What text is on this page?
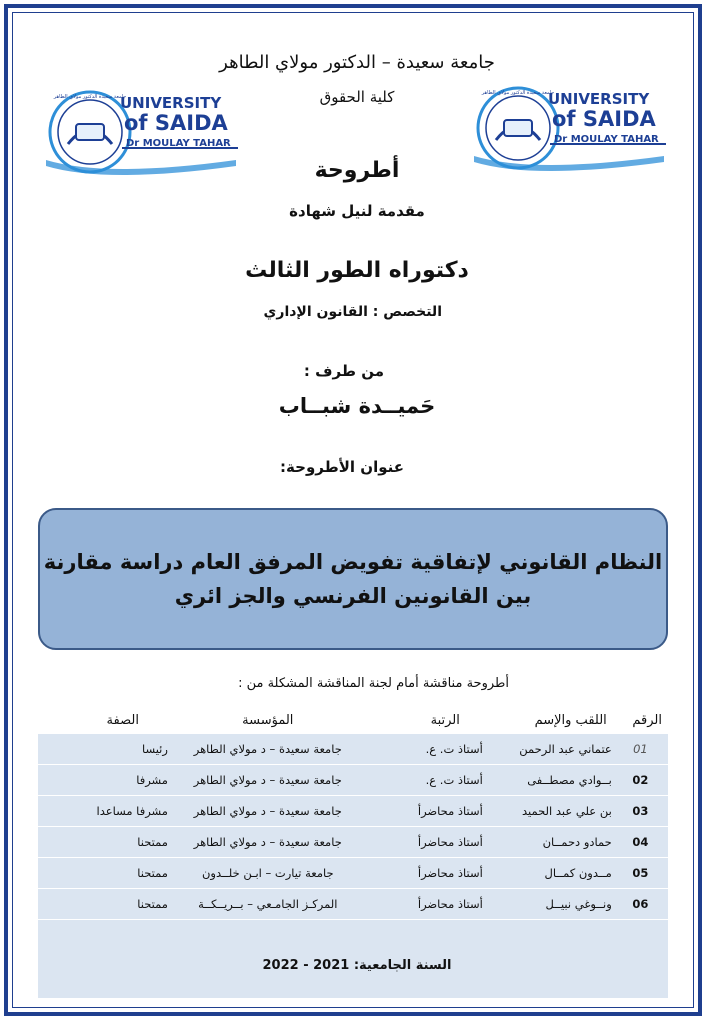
UNIVERSITY
of SAIDA
Dr MOULAY TAHAR
جامعة سعيدة الدكتور مولاي الطاهر
UNIVERSITY
of SAIDA
Dr MOULAY TAHAR
جامعة سعيدة الدكتور مولاي الطاهر
جامعة سعيدة – الدكتور مولاي الطاهر
كلية الحقوق
أطروحة
مقدمة لنيل شهادة
دكتوراه الطور الثالث
التخصص : القانون الإداري
من طرف :
حَميــدة شبــاب
عنوان الأطروحة:
النظام القانوني لإتفاقية تفويض المرفق العام دراسة مقارنة
بين القانونين الفرنسي والجز ائري
أطروحة مناقشة أمام لجنة المناقشة المشكلة من :
الرقم	اللقب والإسم	الرتبة	المؤسسة	الصفة
01	عتماني عبد الرحمن	أستاذ ت. ع.	جامعة سعيدة – د مولاي الطاهر	رئيسا
02	بــوادي مصطــفى	أستاذ ت. ع.	جامعة سعيدة – د مولاي الطاهر	مشرفا
03	بن علي عبد الحميد	أستاذ محاضرأ	جامعة سعيدة – د مولاي الطاهر	مشرفا مساعدا
04	حمادو دحمــان	أستاذ محاضرأ	جامعة سعيدة – د مولاي الطاهر	ممتحنا
05	مــدون كمــال	أستاذ محاضرأ	جامعة تيارت – ابـن خلــدون	ممتحنا
06	ونــوغي نبيــل	أستاذ محاضرأ	المركـز الجامـعي – بــريــكــة	ممتحنا

السنة الجامعية: 2021 - 2022
